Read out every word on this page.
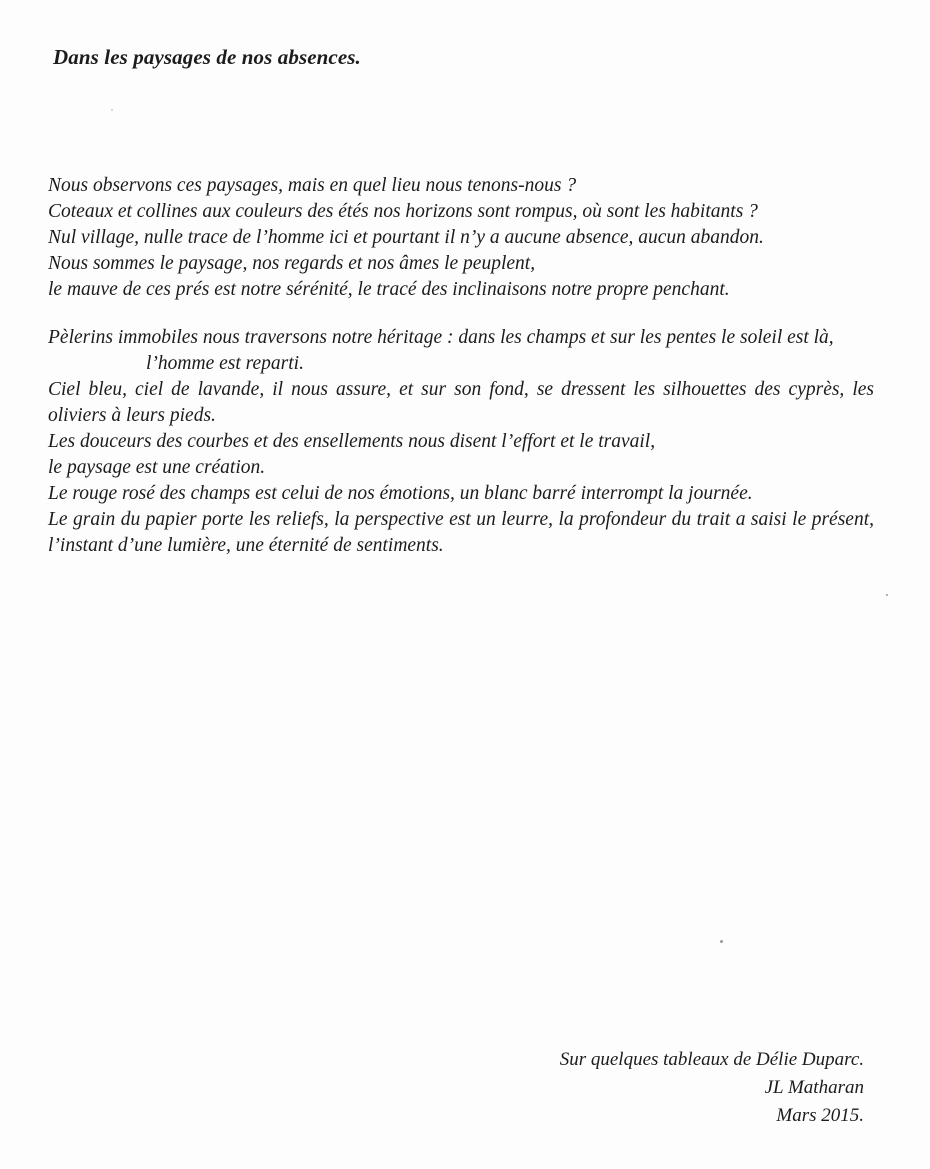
Dans les paysages de nos absences.
Nous observons ces paysages, mais en quel lieu nous tenons-nous ?
Coteaux et collines aux couleurs des étés nos horizons sont rompus, où sont les habitants ?
Nul village, nulle trace de l’homme ici et pourtant il n’y a aucune absence, aucun abandon.
Nous sommes le paysage, nos regards et nos âmes le peuplent,
le mauve de ces prés est notre sérénité, le tracé des inclinaisons notre propre penchant.
Pèlerins immobiles nous traversons notre héritage : dans les champs et sur les pentes le soleil est là,
l’homme est reparti.
Ciel bleu, ciel de lavande, il nous assure, et sur son fond, se dressent les silhouettes des cyprès, les oliviers à leurs pieds.
Les douceurs des courbes et des ensellements nous disent l’effort et le travail,
le paysage est une création.
Le rouge rosé des champs est celui de nos émotions, un blanc barré interrompt la journée.
Le grain du papier porte les reliefs, la perspective est un leurre, la profondeur du trait a saisi le présent, l’instant d’une lumière, une éternité de sentiments.
Sur quelques tableaux de Délie Duparc.
JL Matharan
Mars 2015.
